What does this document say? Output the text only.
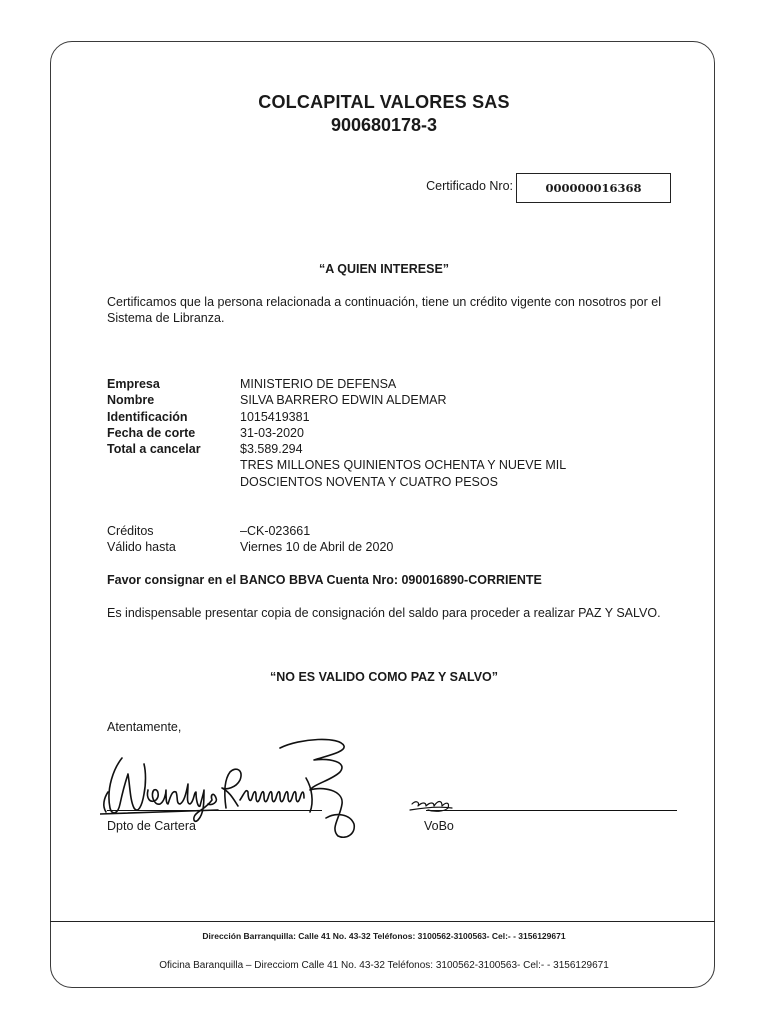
COLCAPITAL VALORES SAS
900680178-3
Certificado Nro:	000000016368
“A QUIEN INTERESE”
Certificamos que la persona relacionada a continuación, tiene un crédito vigente con nosotros por el Sistema de Libranza.
Empresa	MINISTERIO DE DEFENSA
Nombre	SILVA BARRERO EDWIN ALDEMAR
Identificación	1015419381
Fecha de corte	31-03-2020
Total a cancelar	$3.589.294
TRES MILLONES QUINIENTOS OCHENTA Y NUEVE MIL
DOSCIENTOS NOVENTA Y CUATRO PESOS
Créditos	–CK-023661
Válido hasta	Viernes 10 de Abril de 2020
Favor consignar en el BANCO BBVA Cuenta Nro: 090016890-CORRIENTE
Es indispensable presentar copia de consignación del saldo para proceder a realizar PAZ Y SALVO.
“NO ES VALIDO COMO PAZ Y SALVO”
Atentamente,
Dpto de Cartera	VoBo
Dirección Barranquilla: Calle 41 No. 43-32 Teléfonos: 3100562-3100563- Cel:- - 3156129671
Oficina Baranquilla – Direcciom Calle 41 No. 43-32 Teléfonos: 3100562-3100563- Cel:- - 3156129671
